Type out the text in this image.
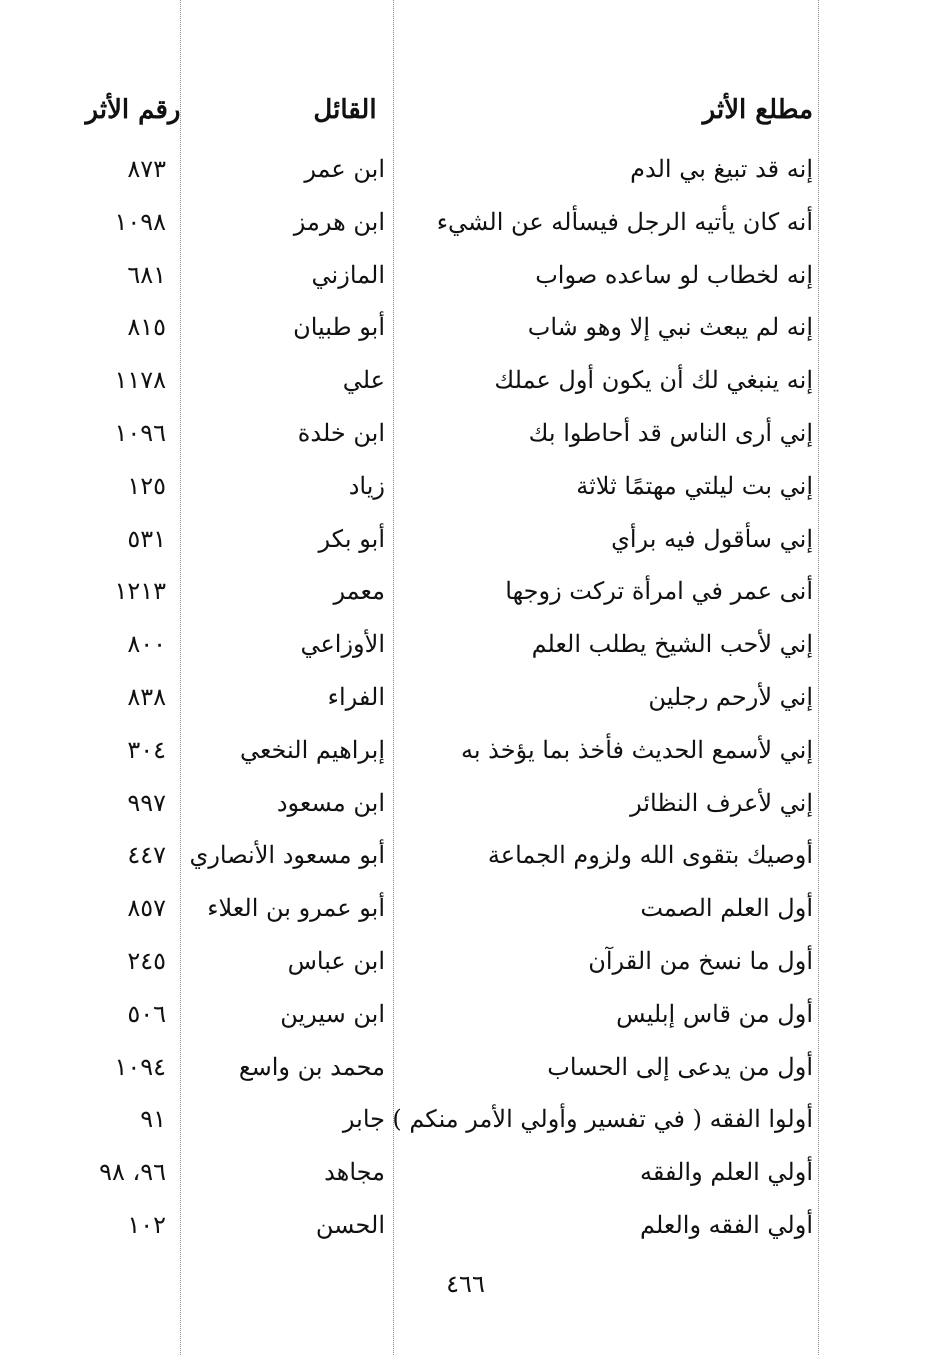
مطلع الأثر
القائل
رقم الأثر
إنه قد تبيغ بي الدم
ابن عمر
٨٧٣
أنه كان يأتيه الرجل فيسأله عن الشيء
ابن هرمز
١٠٩٨
إنه لخطاب لو ساعده صواب
المازني
٦٨١
إنه لم يبعث نبي إلا وهو شاب
أبو طبيان
٨١٥
إنه ينبغي لك أن يكون أول عملك
علي
١١٧٨
إني أرى الناس قد أحاطوا بك
ابن خلدة
١٠٩٦
إني بت ليلتي مهتمًا ثلاثة
زياد
١٢٥
إني سأقول فيه برأي
أبو بكر
٥٣١
أنى عمر في امرأة تركت زوجها
معمر
١٢١٣
إني لأحب الشيخ يطلب العلم
الأوزاعي
٨٠٠
إني لأرحم رجلين
الفراء
٨٣٨
إني لأسمع الحديث فأخذ بما يؤخذ به
إبراهيم النخعي
٣٠٤
إني لأعرف النظائر
ابن مسعود
٩٩٧
أوصيك بتقوى الله ولزوم الجماعة
أبو مسعود الأنصاري
٤٤٧
أول العلم الصمت
أبو عمرو بن العلاء
٨٥٧
أول ما نسخ من القرآن
ابن عباس
٢٤٥
أول من قاس إبليس
ابن سيرين
٥٠٦
أول من يدعى إلى الحساب
محمد بن واسع
١٠٩٤
أولوا الفقه ( في تفسير وأولي الأمر منكم )
جابر
٩١
أولي العلم والفقه
مجاهد
٩٦، ٩٨
أولي الفقه والعلم
الحسن
١٠٢
٤٦٦
